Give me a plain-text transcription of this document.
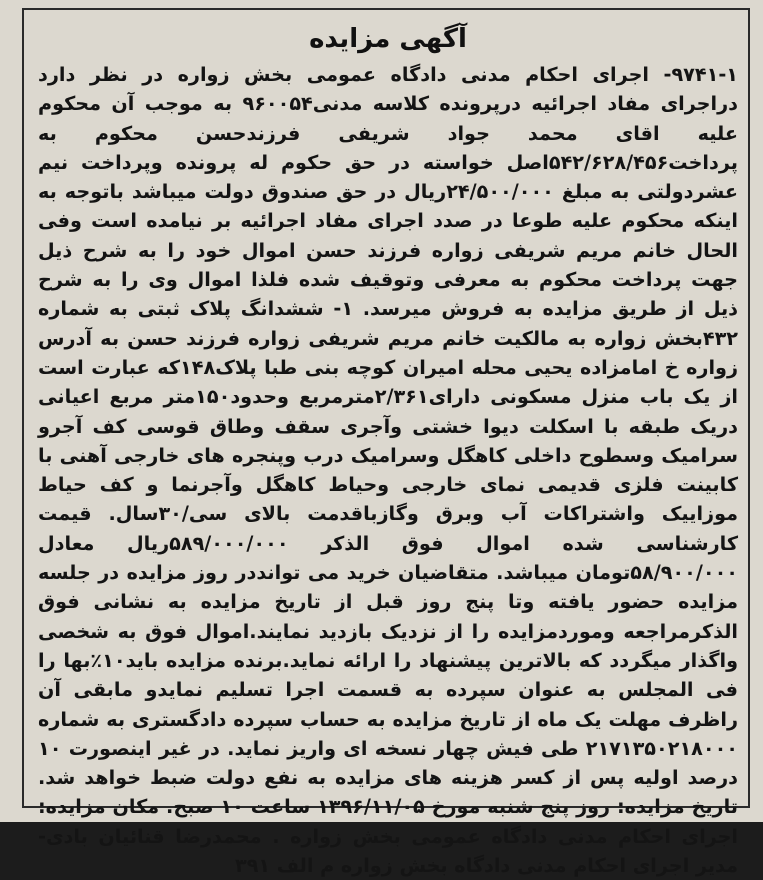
آگهی مزایده

۹۷۴۱-۱- اجرای احکام مدنی دادگاه عمومی بخش زواره در نظر دارد دراجرای مفاد اجرائیه درپرونده کلاسه مدنی۹۶۰۰۵۴ به موجب آن محکوم علیه اقای محمد جواد شریفی فرزندحسن محکوم به پرداخت۵۴۲/۶۲۸/۴۵۶اصل خواسته در حق حکوم له پرونده وپرداخت نیم عشردولتی به مبلغ ۲۴/۵۰۰/۰۰۰ریال در حق صندوق دولت میباشد باتوجه به اینکه محکوم علیه طوعا در صدد اجرای مفاد اجرائیه بر نیامده است وفی الحال خانم مریم شریفی زواره فرزند حسن اموال خود را به شرح ذیل جهت پرداخت محکوم به معرفی وتوقیف شده فلذا اموال وی را به شرح ذیل از طریق مزایده به فروش میرسد. ۱- ششدانگ پلاک ثبتی به شماره ۴۳۲بخش زواره به مالکیت خانم مریم شریفی زواره فرزند حسن به آدرس زواره خ امامزاده یحیی محله امیران کوچه بنی طبا پلاک۱۴۸که عبارت است از یک باب منزل مسکونی دارای۲/۳۶۱مترمربع وحدود۱۵۰متر مربع اعیانی دریک طبقه با اسکلت دیوا خشتی وآجری سقف وطاق قوسی کف آجرو سرامیک وسطوح داخلی کاهگل وسرامیک درب وپنجره های خارجی آهنی با کابینت فلزی قدیمی نمای خارجی وحیاط کاهگل وآجرنما و کف حیاط موزاییک واشتراکات آب وبرق وگازباقدمت بالای سی/۳۰سال. قیمت کارشناسی شده اموال فوق الذکر ۵۸۹/۰۰۰/۰۰۰ریال معادل ۵۸/۹۰۰/۰۰۰تومان میباشد. متقاضیان خرید می توانددر روز مزایده در جلسه مزایده حضور یافته وتا پنج روز قبل از تاریخ مزایده به نشانی فوق الذکرمراجعه وموردمزایده را از نزدیک بازدید نمایند.اموال فوق به شخصی واگذار میگردد که بالاترین پیشنهاد را ارائه نماید.برنده مزایده باید۱۰٪بها را فی المجلس به عنوان سپرده به قسمت اجرا تسلیم نمایدو مابقی آن راظرف مهلت یک ماه از تاریخ مزایده به حساب سپرده دادگستری به شماره ۲۱۷۱۳۵۰۲۱۸۰۰۰ طی فیش چهار نسخه ای واریز نماید. در غیر اینصورت ۱۰ درصد اولیه پس از کسر هزینه های مزایده به نفع دولت ضبط خواهد شد. تاریخ مزایده: روز پنج شنبه مورخ ۱۳۹۶/۱۱/۰۵ ساعت ۱۰ صبح. مکان مزایده: اجرای احکام مدنی دادگاه عمومی بخش زواره . محمدرضا قنائیان بادی- مدیر اجرای احکام مدنی دادگاه بخش زواره م الف ۳۹۱
